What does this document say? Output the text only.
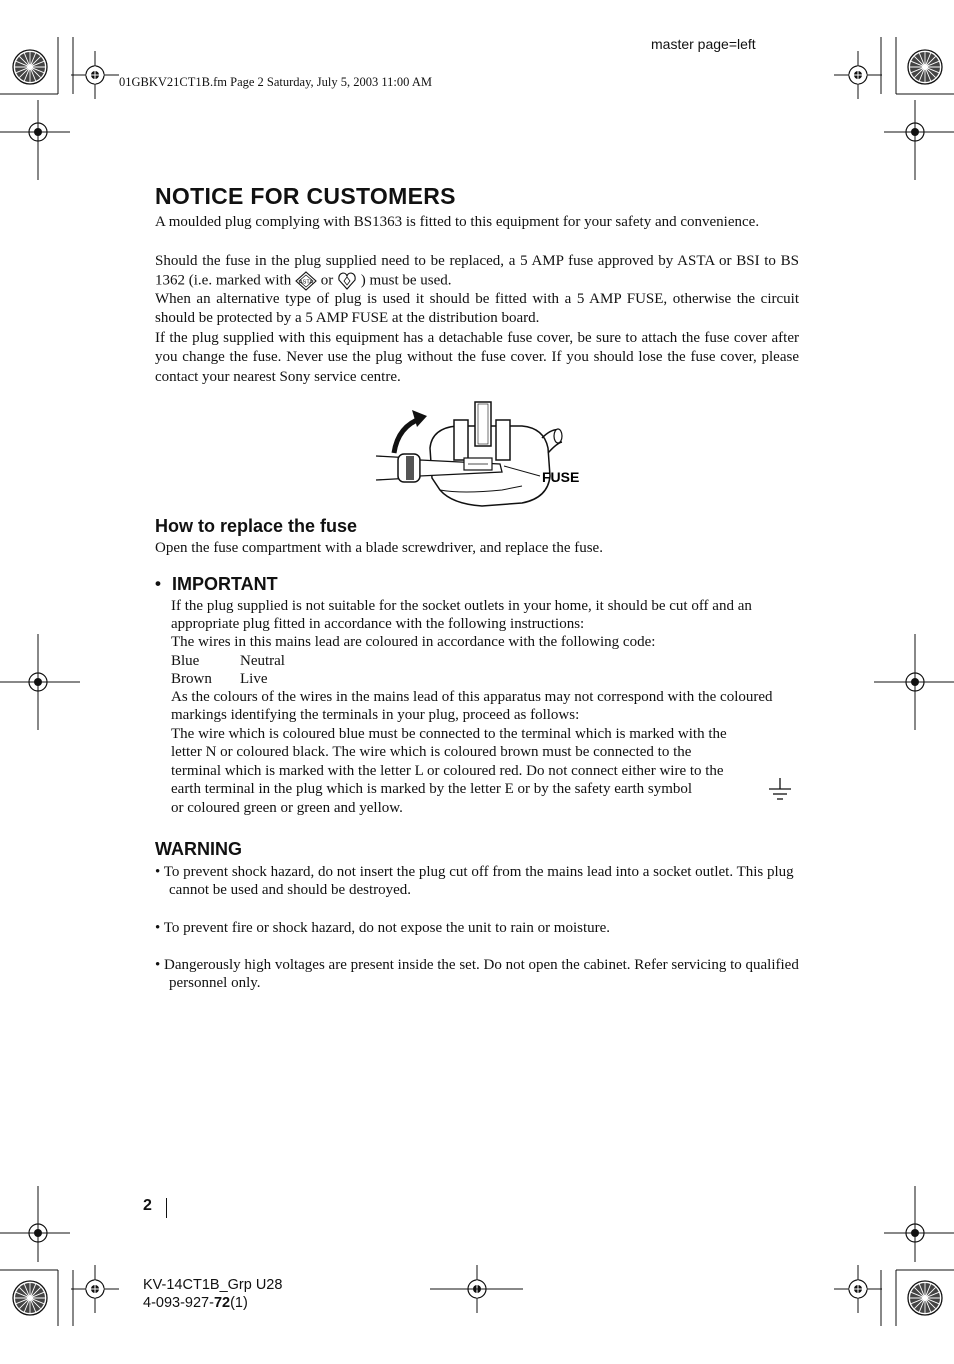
master page=left
01GBKV21CT1B.fm Page 2 Saturday, July 5, 2003 11:00 AM
NOTICE FOR CUSTOMERS
A moulded plug complying with BS1363 is fitted to this equipment for your safety and convenience.
Should the fuse in the plug supplied need to be replaced, a 5 AMP fuse approved by ASTA or BSI to BS 1362 (i.e. marked with ASTA or ) must be used.
When an alternative type of plug is used it should be fitted with a 5 AMP FUSE, otherwise the circuit should be protected by a 5 AMP FUSE at the distribution board.
If the plug supplied with this equipment has a detachable fuse cover, be sure to attach the fuse cover after you change the fuse. Never use the plug without the fuse cover. If you should lose the fuse cover, please contact your nearest Sony service centre.
FUSE
How to replace the fuse
Open the fuse compartment with a blade screwdriver, and replace the fuse.
• IMPORTANT
If the plug supplied is not suitable for the socket outlets in your home, it should be cut off and an appropriate plug fitted in accordance with the following instructions:
The wires in this mains lead are coloured in accordance with the following code:
Blue	Neutral
Brown Live
As the colours of the wires in the mains lead of this apparatus may not correspond with the coloured markings identifying the terminals in your plug, proceed as follows:
The wire which is coloured blue must be connected to the terminal which is marked with the
letter N or coloured black. The wire which is coloured brown must be connected to the
terminal which is marked with the letter L or coloured red. Do not connect either wire to the
earth terminal in the plug which is marked by the letter E or by the safety earth symbol
or coloured green or green and yellow.
WARNING
• To prevent shock hazard, do not insert the plug cut off from the mains lead into a socket outlet. This plug cannot be used and should be destroyed.
• To prevent fire or shock hazard, do not expose the unit to rain or moisture.
• Dangerously high voltages are present inside the set. Do not open the cabinet. Refer servicing to qualified personnel only.
2
KV-14CT1B_Grp U28
4-093-927-72(1)
